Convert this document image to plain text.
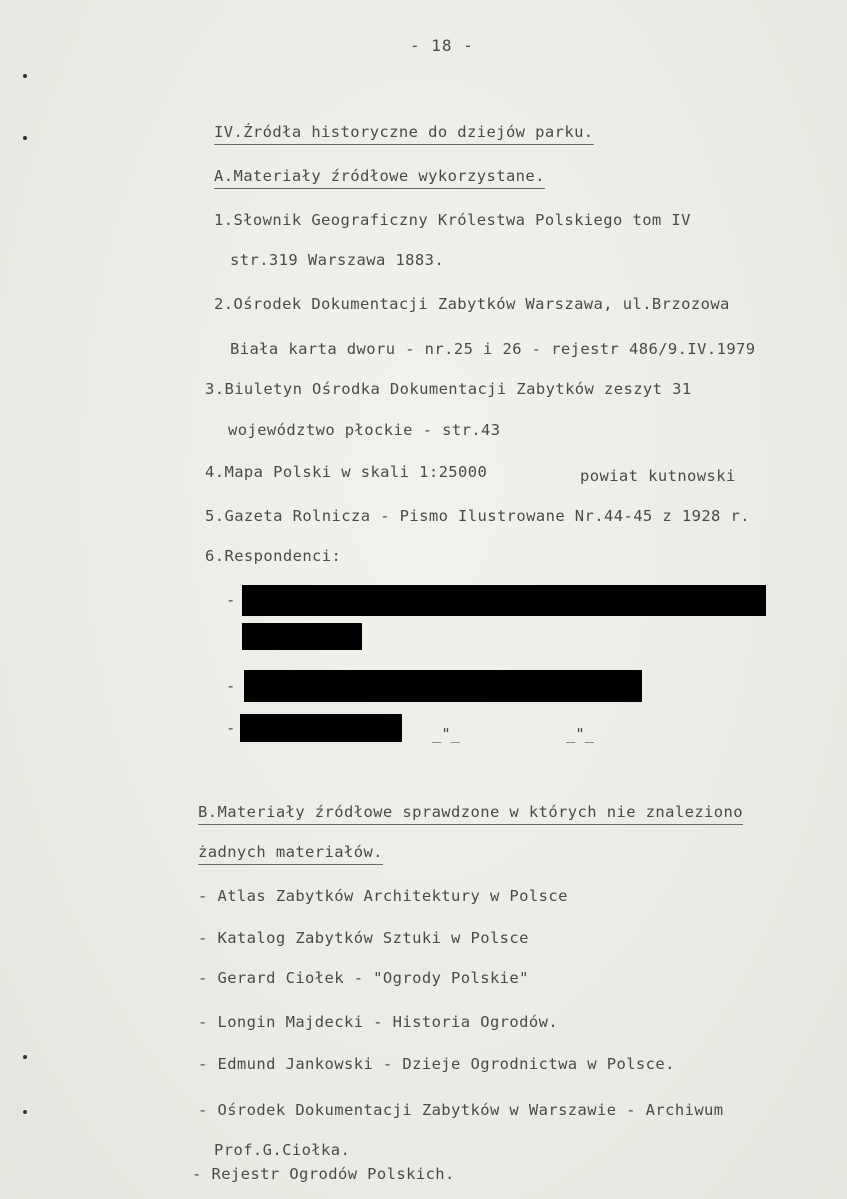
- 18 -
IV.Źródła historyczne do dziejów parku.
A.Materiały źródłowe wykorzystane.
1.Słownik Geograficzny Królestwa Polskiego tom IV
str.319 Warszawa 1883.
2.Ośrodek Dokumentacji Zabytków Warszawa, ul.Brzozowa
Biała karta dworu - nr.25 i 26 - rejestr 486/9.IV.1979
3.Biuletyn Ośrodka Dokumentacji Zabytków zeszyt 31
województwo płockie - str.43
4.Mapa Polski w skali 1:25000	powiat kutnowski
5.Gazeta Rolnicza - Pismo Ilustrowane Nr.44-45 z 1928 r.
6.Respondenci:
-
-
-	_"_	_"_
B.Materiały źródłowe sprawdzone w których nie znaleziono
żadnych materiałów.
- Atlas Zabytków Architektury w Polsce
- Katalog Zabytków Sztuki w Polsce
- Gerard Ciołek - "Ogrody Polskie"
- Longin Majdecki - Historia Ogrodów.
- Edmund Jankowski - Dzieje Ogrodnictwa w Polsce.
- Ośrodek Dokumentacji Zabytków w Warszawie - Archiwum
Prof.G.Ciołka.
- Rejestr Ogrodów Polskich.
